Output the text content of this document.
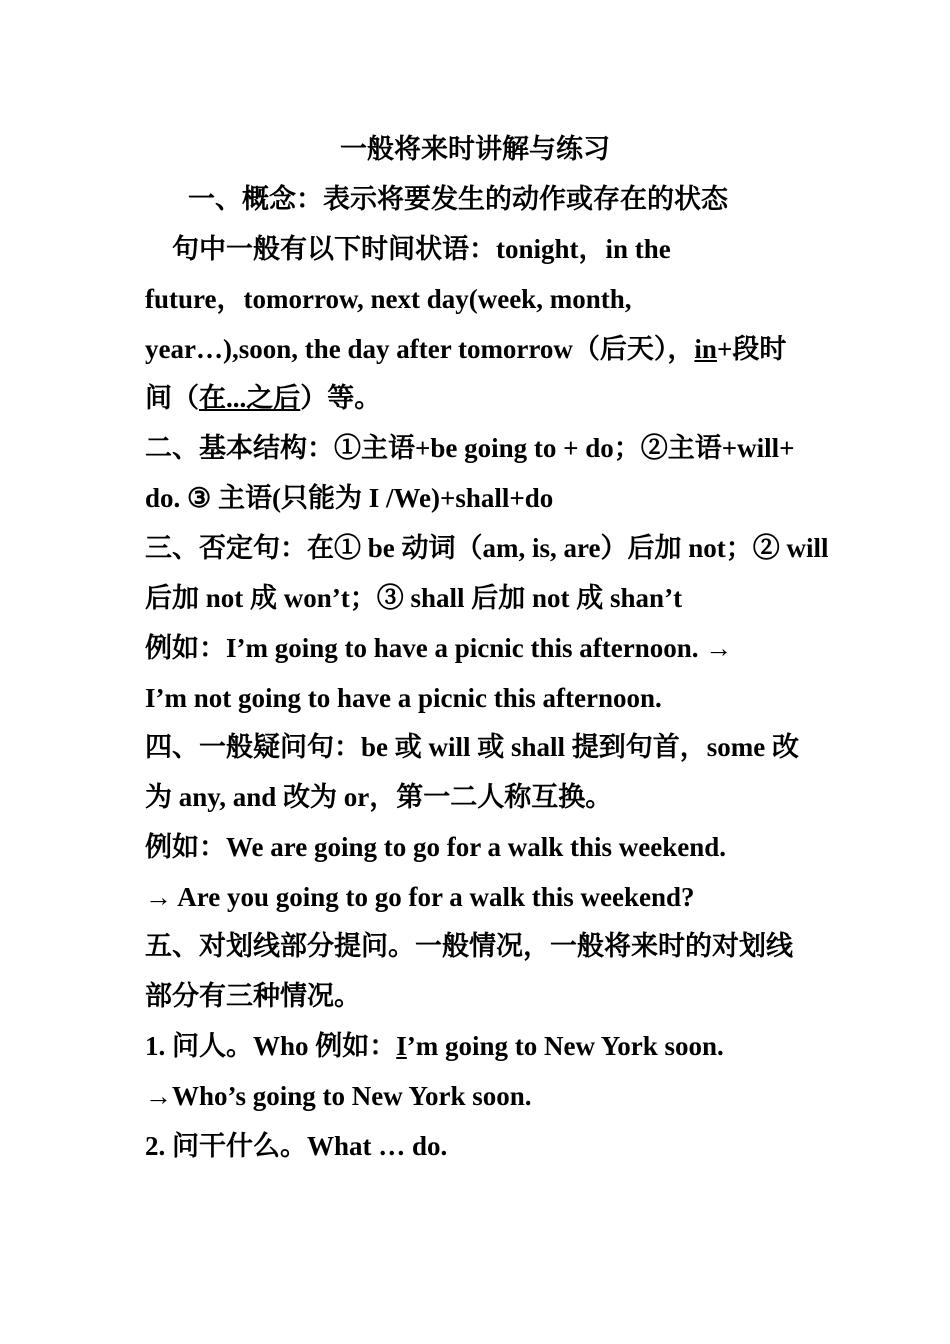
一般将来时讲解与练习
一、概念：表示将要发生的动作或存在的状态
句中一般有以下时间状语：tonight，in the
future，tomorrow, next day(week, month,
year…),soon, the day after tomorrow（后天），in+段时
间（在...之后）等。
二、基本结构：①主语+be going to + do；②主语+will+
do. ③ 主语(只能为 I /We)+shall+do
三、否定句：在① be 动词（am, is, are）后加 not；② will
后加 not 成 won’t；③ shall 后加 not 成 shan’t
例如：I’m going to have a picnic this afternoon. →
I’m not going to have a picnic this afternoon.
四、一般疑问句：be 或 will 或 shall 提到句首，some 改
为 any, and 改为 or，第一二人称互换。
例如：We are going to go for a walk this weekend.
→ Are you going to go for a walk this weekend?
五、对划线部分提问。一般情况，一般将来时的对划线
部分有三种情况。
1. 问人。Who 例如：I’m going to New York soon.
→Who’s going to New York soon.
2. 问干什么。What … do.
